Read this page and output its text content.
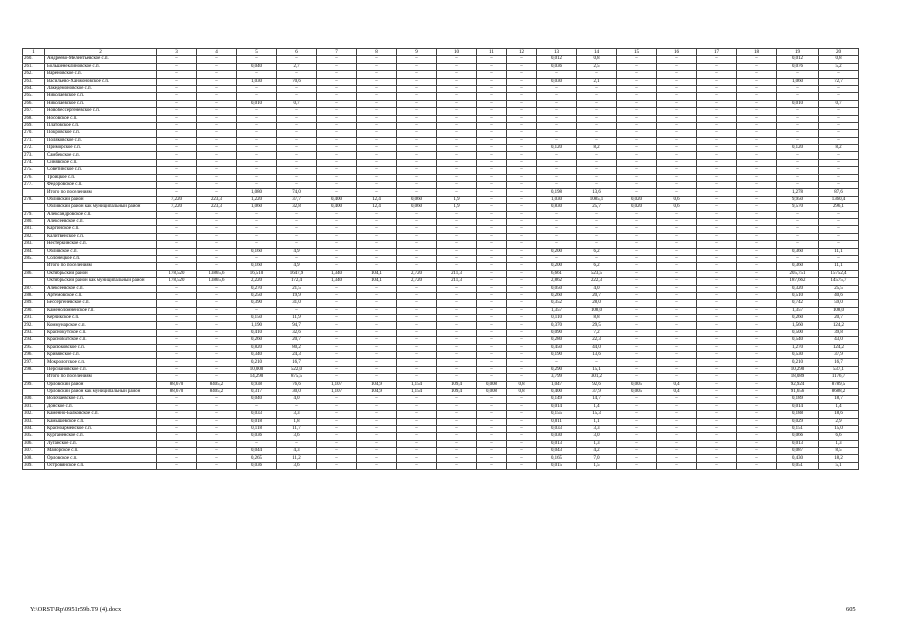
1	2	3	4	5	6	7	8	9	10	11	12	13	14	15	16	17	18	19	20
260.	Андреево-Мелентьевское с.п.	–	–	–	–	–	–	–	–	–	–	0,012	0,8	–	–	–	–	0,012	0,8
261.	Большенеклиновское с.п.	–	–	0,040	2,7	–	–	–	–	–	–	0,036	2,5	–	–	–	–	0,076	5,2
262.	Вареновское с.п.	–	–	–	–	–	–	–	–	–	–	–	–	–	–	–	–	–	–
263.	Васильево-Ханжоновское с.п.	–	–	1,030	70,6	–	–	–	–	–	–	0,030	2,1	–	–	–	–	1,060	72,7
264.	Лакедемоновское с.п.	–	–	–	–	–	–	–	–	–	–	–	–	–	–	–	–	–	–
265.	Николаевское с.п.	–	–	–	–	–	–	–	–	–	–	–	–	–	–	–	–	–	–
266.	Николаевское с.п.	–	–	0,010	0,7	–	–	–	–	–	–	–	–	–	–	–	–	0,010	0,7
267.	Новобессергеневское с.п.	–	–	–	–	–	–	–	–	–	–	–	–	–	–	–	–	–	–
268.	Носовское с.п.	–	–	–	–	–	–	–	–	–	–	–	–	–	–	–	–	–	–
269.	Платовское с.п.	–	–	–	–	–	–	–	–	–	–	–	–	–	–	–	–	–	–
270.	Покровское с.п.	–	–	–	–	–	–	–	–	–	–	–	–	–	–	–	–	–	–
271.	Поляковское с.п.	–	–	–	–	–	–	–	–	–	–	–	–	–	–	–	–	–	–
272.	Приморское с.п.	–	–	–	–	–	–	–	–	–	–	0,120	8,2	–	–	–	–	0,120	8,2
273.	Самбекское с.п.	–	–	–	–	–	–	–	–	–	–	–	–	–	–	–	–	–	–
274.	Синявское с.п.	–	–	–	–	–	–	–	–	–	–	–	–	–	–	–	–	–	–
275.	Советинское с.п.	–	–	–	–	–	–	–	–	–	–	–	–	–	–	–	–	–	–
276.	Троицкое с.п.	–	–	–	–	–	–	–	–	–	–	–	–	–	–	–	–	–	–
277.	Федоровское с.п.	–	–	–	–	–	–	–	–	–	–	–	–	–	–	–	–	–	–
	Итого по поселениям	–	–	1,080	74,0	–	–	–	–	–	–	0,198	13,6	–	–	–	–	1,278	87,6
278.	Обливский район	7,220	223,3	1,220	37,7	0,400	12,4	0,060	1,9	–	–	1,030	1085,1	0,020	0,6	–	–	9,950	1360,4
	Обливский район как муниципальный район	7,220	223,3	1,060	32,8	0,400	12,4	0,060	1,9	–	–	0,830	25,7	0,020	0,6	–	–	9,570	296,1
279.	Александровское с.п.	–	–	–	–	–	–	–	–	–	–	–	–	–	–	–	–	–	–
280.	Алексеевское с.п.	–	–	–	–	–	–	–	–	–	–	–	–	–	–	–	–	–	–
281.	Каргинское с.п.	–	–	–	–	–	–	–	–	–	–	–	–	–	–	–	–	–	–
282.	Калитвенское с.п.	–	–	–	–	–	–	–	–	–	–	–	–	–	–	–	–	–	–
283.	Нестеркинское с.п.	–	–	–	–	–	–	–	–	–	–	–	–	–	–	–	–	–	–
284.	Обливское с.п.	–	–	0,160	4,9	–	–	–	–	–	–	0,200	6,2	–	–	–	–	0,360	11,1
285.	Солонецкое с.п.	–	–	–	–	–	–	–	–	–	–	–	–	–	–	–	–	–	–
	Итого по поселениям	–	–	0,160	4,9	–	–	–	–	–	–	0,200	6,2	–	–	–	–	0,360	11,1
286.	Октябрьский район	178,520	13865,6	16,510	1647,9	1,340	104,1	2,720	211,3	–	–	6,661	523,5	–	–	–	–	205,751	15752,4
	Октябрьский район как муниципальный район	178,520	13865,6	2,220	172,4	1,340	104,1	2,720	211,3	–	–	2,862	222,3	–	–	–	–	187,662	14575,7
287.	Алексеевское с.п.	–	–	0,270	21,5	–	–	–	–	–	–	0,050	4,0	–	–	–	–	0,320	25,5
288.	Артемовское с.п.	–	–	0,250	19,9	–	–	–	–	–	–	0,260	20,7	–	–	–	–	0,510	40,6
289.	Бессергеневское с.п.	–	–	0,390	31,0	–	–	–	–	–	–	0,352	28,0	–	–	–	–	0,742	59,0
290.	Каменоломненское г.п.	–	–	–	–	–	–	–	–	–	–	1,357	108,0	–	–	–	–	1,357	108,0
291.	Керчикское с.п.	–	–	0,150	11,9	–	–	–	–	–	–	0,110	8,8	–	–	–	–	0,260	20,7
292.	Коммунарское с.п.	–	–	1,190	94,7	–	–	–	–	–	–	0,370	29,5	–	–	–	–	1,560	124,2
293.	Краснокутское с.п.	–	–	0,410	32,6	–	–	–	–	–	–	0,090	7,2	–	–	–	–	0,500	39,8
294.	Красноkuтское с.п.	–	–	0,260	20,7	–	–	–	–	–	–	0,280	22,3	–	–	–	–	0,540	43,0
295.	Красюковское с.п.	–	–	0,820	80,2	–	–	–	–	–	–	0,450	44,0	–	–	–	–	1,270	124,2
296.	Кривянское с.п.	–	–	0,340	24,3	–	–	–	–	–	–	0,190	13,6	–	–	–	–	0,530	37,9
297.	Мокрологское с.п.	–	–	0,210	16,7	–	–	–	–	–	–	–	–	–	–	–	–	0,210	16,7
298.	Персиановское с.п.	–	–	10,000	522,0	–	–	–	–	–	–	0,290	15,1	–	–	–	–	10,290	537,1
	Итого по поселениям	–	–	14,290	875,5	–	–	–	–	–	–	3,799	301,2	–	–	–	–	18,089	1176,7
299.	Орловский район	88,670	8405,2	0,938	76,6	1,107	104,9	1,154	109,4	0,008	0,8	1,047	92,6	0,005	0,4	–	–	92,924	8789,5
	Орловский район как муниципальный район	88,670	8405,2	0,317	30,0	1,107	104,9	1,154	109,4	0,008	0,8	0,400	37,9	0,005	0,4	–	–	91,656	8688,2
300.	Волочаевское с.п.	–	–	0,040	4,0	–	–	–	–	–	–	0,149	14,7	–	–	–	–	0,189	18,7
301.	Донское с.п.	–	–	–	–	–	–	–	–	–	–	0,014	1,4	–	–	–	–	0,014	1,4
302.	Каменно-Балковское с.п.	–	–	0,033	3,3	–	–	–	–	–	–	0,155	15,3	–	–	–	–	0,188	18,6
303.	Камышевское с.п.	–	–	0,018	1,8	–	–	–	–	–	–	0,011	1,1	–	–	–	–	0,029	2,9
304.	Красноармейское с.п.	–	–	0,118	11,7	–	–	–	–	–	–	0,033	3,3	–	–	–	–	0,151	15,0
305.	Курганенское с.п.	–	–	0,036	3,6	–	–	–	–	–	–	0,030	3,0	–	–	–	–	0,066	6,6
306.	Луганское с.п.	–	–	–	–	–	–	–	–	–	–	0,013	1,3	–	–	–	–	0,013	1,3
307.	Майорское с.п.	–	–	0,044	4,3	–	–	–	–	–	–	0,043	4,2	–	–	–	–	0,087	8,5
308.	Орловское с.п.	–	–	0,265	11,2	–	–	–	–	–	–	0,165	7,0	–	–	–	–	0,430	18,2
309.	Островянское с.п.	–	–	0,036	3,6	–	–	–	–	–	–	0,015	1,5	–	–	–	–	0,051	5,1
Y:\ORST\Rp\0951r59b.T9 (4).docx	605
